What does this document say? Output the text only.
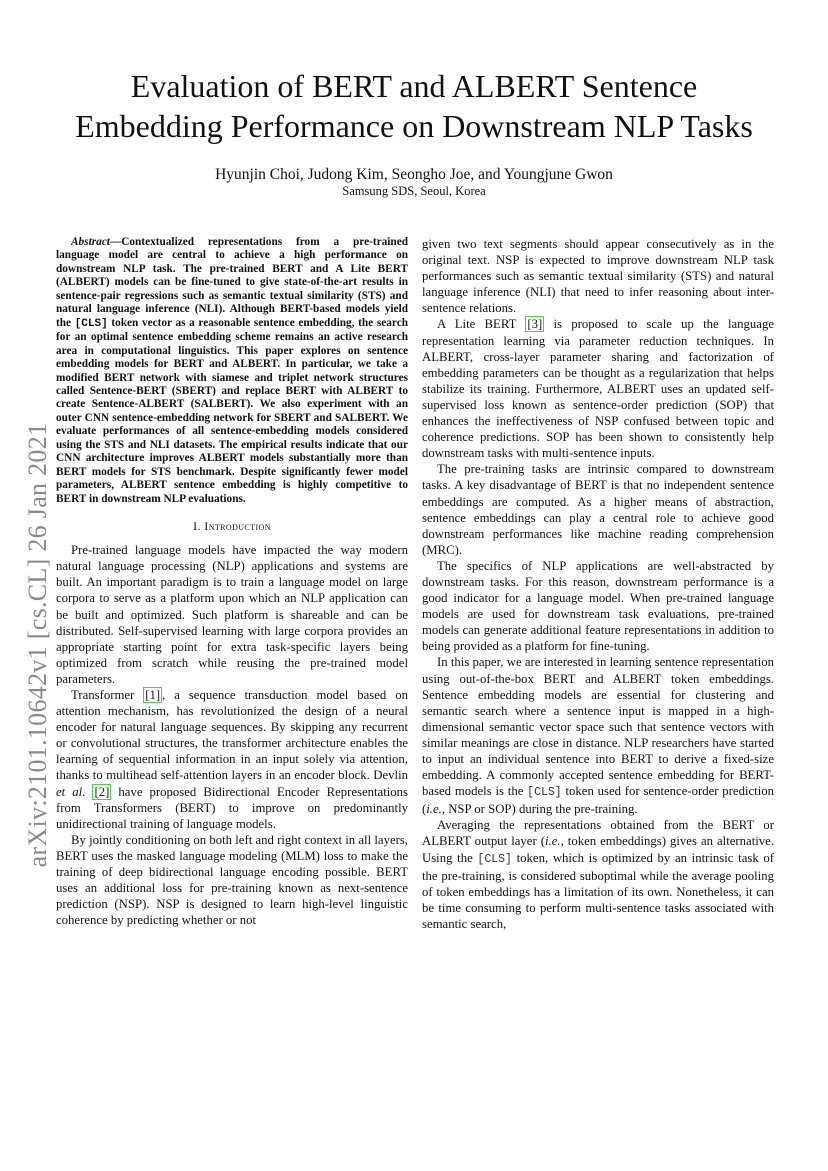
arXiv:2101.10642v1 [cs.CL] 26 Jan 2021
Evaluation of BERT and ALBERT Sentence
Embedding Performance on Downstream NLP Tasks

Hyunjin Choi, Judong Kim, Seongho Joe, and Youngjune Gwon

Samsung SDS, Seoul, Korea

Abstract—Contextualized representations from a pre-trained language model are central to achieve a high performance on downstream NLP task. The pre-trained BERT and A Lite BERT (ALBERT) models can be fine-tuned to give state-of-the-art results in sentence-pair regressions such as semantic textual similarity (STS) and natural language inference (NLI). Although BERT-based models yield the [CLS] token vector as a reasonable sentence embedding, the search for an optimal sentence embedding scheme remains an active research area in computational linguistics. This paper explores on sentence embedding models for BERT and ALBERT. In particular, we take a modified BERT network with siamese and triplet network structures called Sentence-BERT (SBERT) and replace BERT with ALBERT to create Sentence-ALBERT (SALBERT). We also experiment with an outer CNN sentence-embedding network for SBERT and SALBERT. We evaluate performances of all sentence-embedding models considered using the STS and NLI datasets. The empirical results indicate that our CNN architecture improves ALBERT models substantially more than BERT models for STS benchmark. Despite significantly fewer model parameters, ALBERT sentence embedding is highly competitive to BERT in downstream NLP evaluations.

I. Introduction

Pre-trained language models have impacted the way modern natural language processing (NLP) applications and systems are built. An important paradigm is to train a language model on large corpora to serve as a platform upon which an NLP application can be built and optimized. Such platform is shareable and can be distributed. Self-supervised learning with large corpora provides an appropriate starting point for extra task-specific layers being optimized from scratch while reusing the pre-trained model parameters.

Transformer [1] , a sequence transduction model based on attention mechanism, has revolutionized the design of a neural encoder for natural language sequences. By skipping any recurrent or convolutional structures, the transformer architecture enables the learning of sequential information in an input solely via attention, thanks to multihead self-attention layers in an encoder block. Devlin et al. [2] have proposed Bidirectional Encoder Representations from Transformers (BERT) to improve on predominantly unidirectional training of language models.

By jointly conditioning on both left and right context in all layers, BERT uses the masked language modeling (MLM) loss to make the training of deep bidirectional language encoding possible. BERT uses an additional loss for pre-training known as next-sentence prediction (NSP). NSP is designed to learn high-level linguistic coherence by predicting whether or not

given two text segments should appear consecutively as in the original text. NSP is expected to improve downstream NLP task performances such as semantic textual similarity (STS) and natural language inference (NLI) that need to infer reasoning about inter-sentence relations.

A Lite BERT [3] is proposed to scale up the language representation learning via parameter reduction techniques. In ALBERT, cross-layer parameter sharing and factorization of embedding parameters can be thought as a regularization that helps stabilize its training. Furthermore, ALBERT uses an updated self-supervised loss known as sentence-order prediction (SOP) that enhances the ineffectiveness of NSP confused between topic and coherence predictions. SOP has been shown to consistently help downstream tasks with multi-sentence inputs.

The pre-training tasks are intrinsic compared to downstream tasks. A key disadvantage of BERT is that no independent sentence embeddings are computed. As a higher means of abstraction, sentence embeddings can play a central role to achieve good downstream performances like machine reading comprehension (MRC).

The specifics of NLP applications are well-abstracted by downstream tasks. For this reason, downstream performance is a good indicator for a language model. When pre-trained language models are used for downstream task evaluations, pre-trained models can generate additional feature representations in addition to being provided as a platform for fine-tuning.

In this paper, we are interested in learning sentence representation using out-of-the-box BERT and ALBERT token embeddings. Sentence embedding models are essential for clustering and semantic search where a sentence input is mapped in a high-dimensional semantic vector space such that sentence vectors with similar meanings are close in distance. NLP researchers have started to input an individual sentence into BERT to derive a fixed-size embedding. A commonly accepted sentence embedding for BERT-based models is the [CLS] token used for sentence-order prediction (i.e., NSP or SOP) during the pre-training.

Averaging the representations obtained from the BERT or ALBERT output layer (i.e., token embeddings) gives an alternative. Using the [CLS] token, which is optimized by an intrinsic task of the pre-training, is considered suboptimal while the average pooling of token embeddings has a limitation of its own. Nonetheless, it can be time consuming to perform multi-sentence tasks associated with semantic search,
